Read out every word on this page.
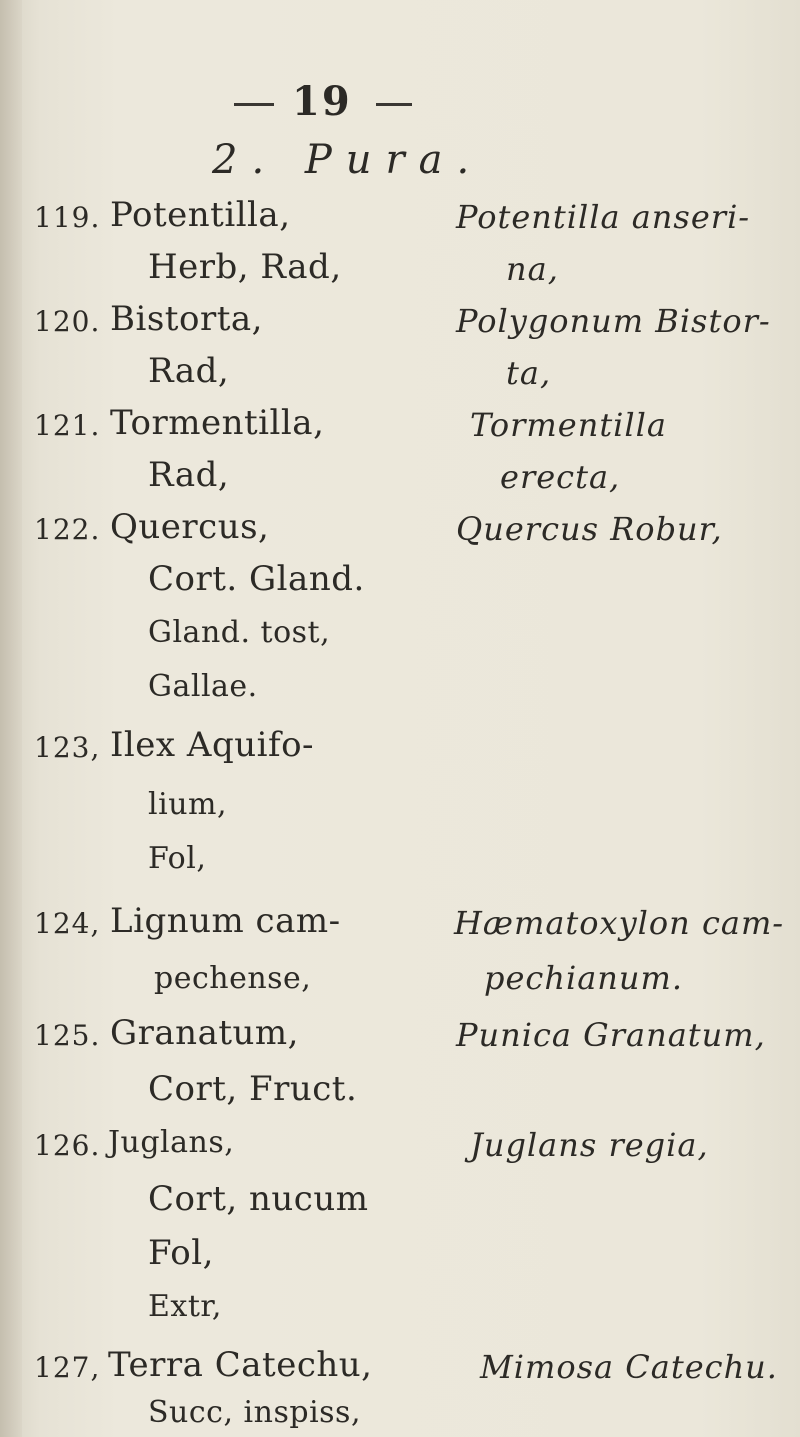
19
2. Pura.
119. Potentilla,	Potentilla anseri-
Herb, Rad,	na,
120. Bistorta,	Polygonum Bistor-
Rad,	ta,
121. Tormentilla,	Tormentilla
Rad,	erecta,
122. Quercus,	Quercus Robur,
Cort. Gland.
Gland. tost,
Gallae.
123, Ilex Aquifo-
lium,
Fol,
124, Lignum cam-	Hæmatoxylon cam-
pechense,	pechianum.
125. Granatum,	Punica Granatum,
Cort, Fruct.
126. Juglans,	Juglans regia,
Cort, nucum
Fol,
Extr,
127, Terra Catechu,	Mimosa Catechu.
Succ, inspiss,
